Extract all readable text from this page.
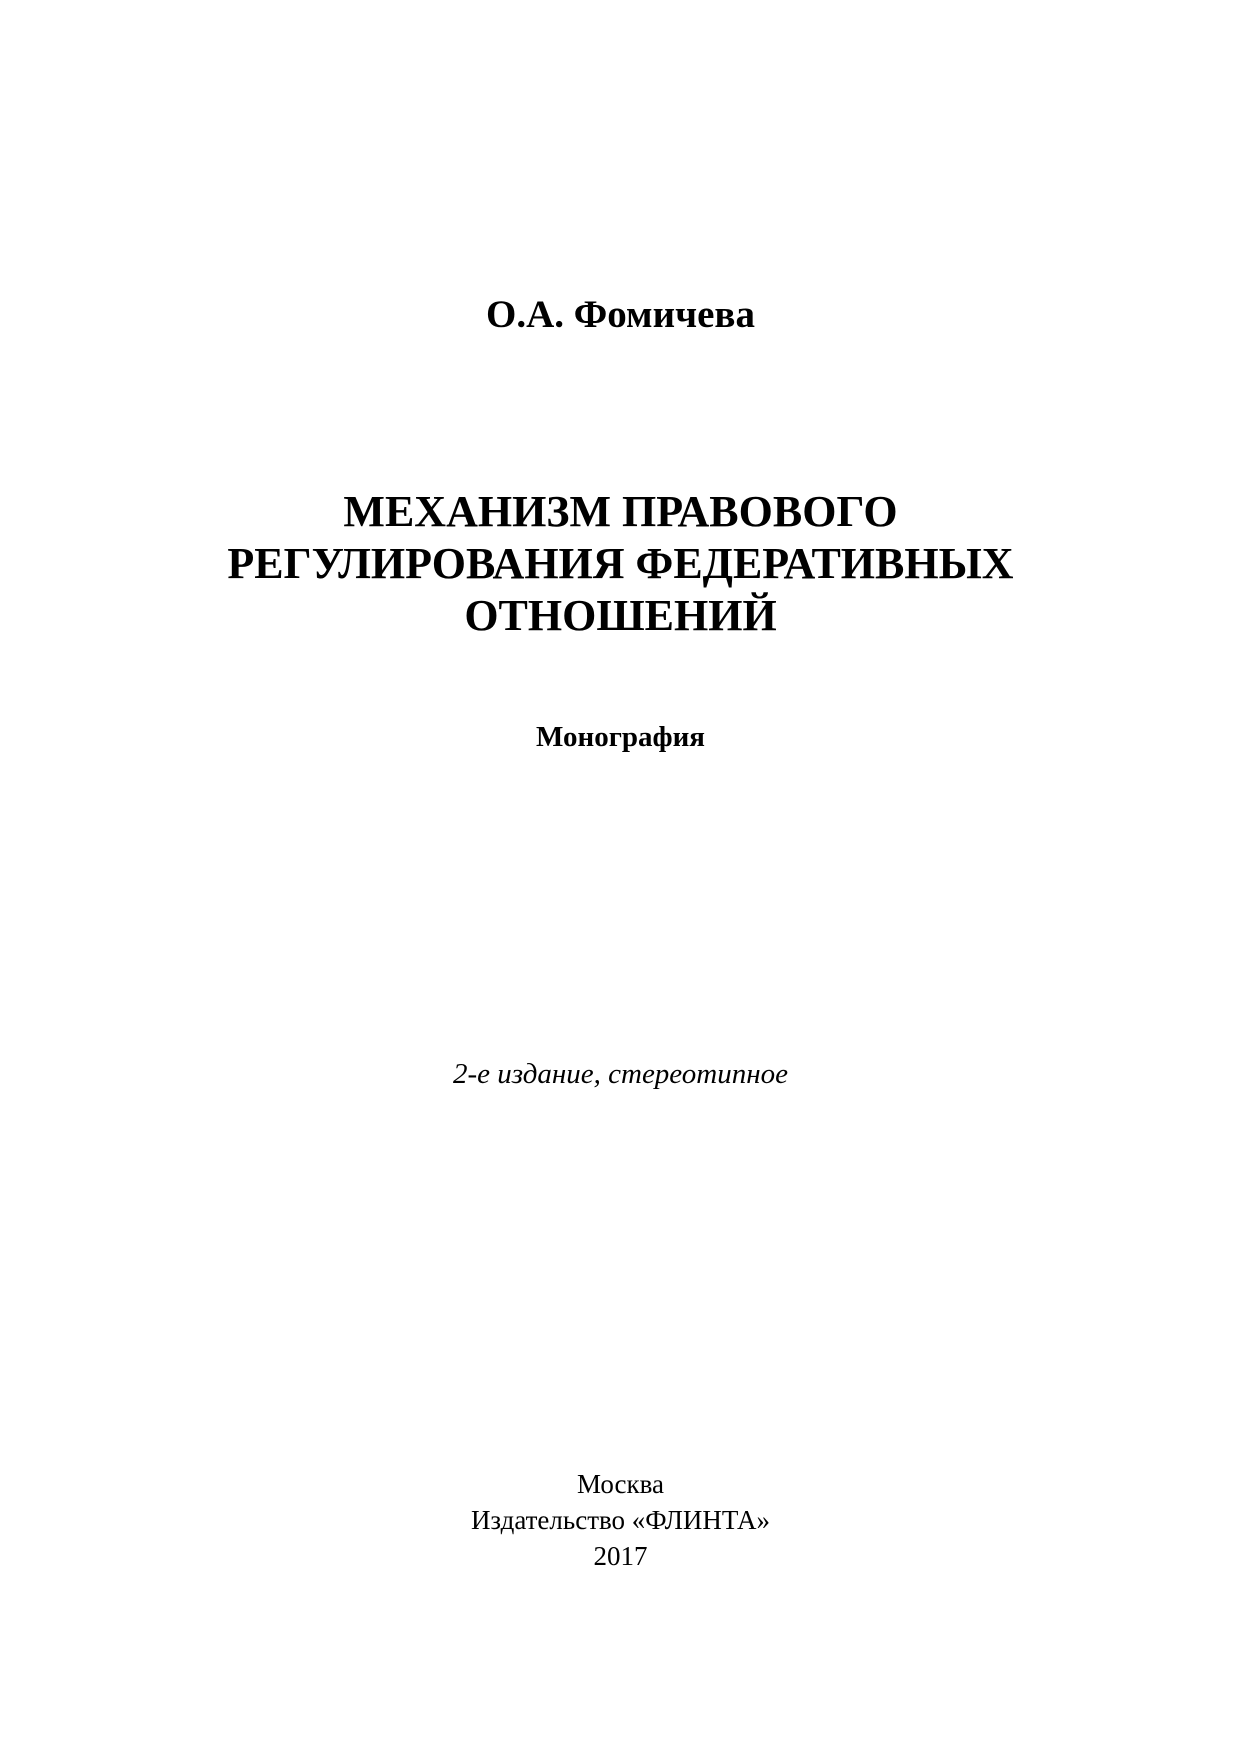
О.А. Фомичева
МЕХАНИЗМ ПРАВОВОГО
РЕГУЛИРОВАНИЯ ФЕДЕРАТИВНЫХ
ОТНОШЕНИЙ
Монография
2-е издание, стереотипное
Москва
Издательство «ФЛИНТА»
2017
